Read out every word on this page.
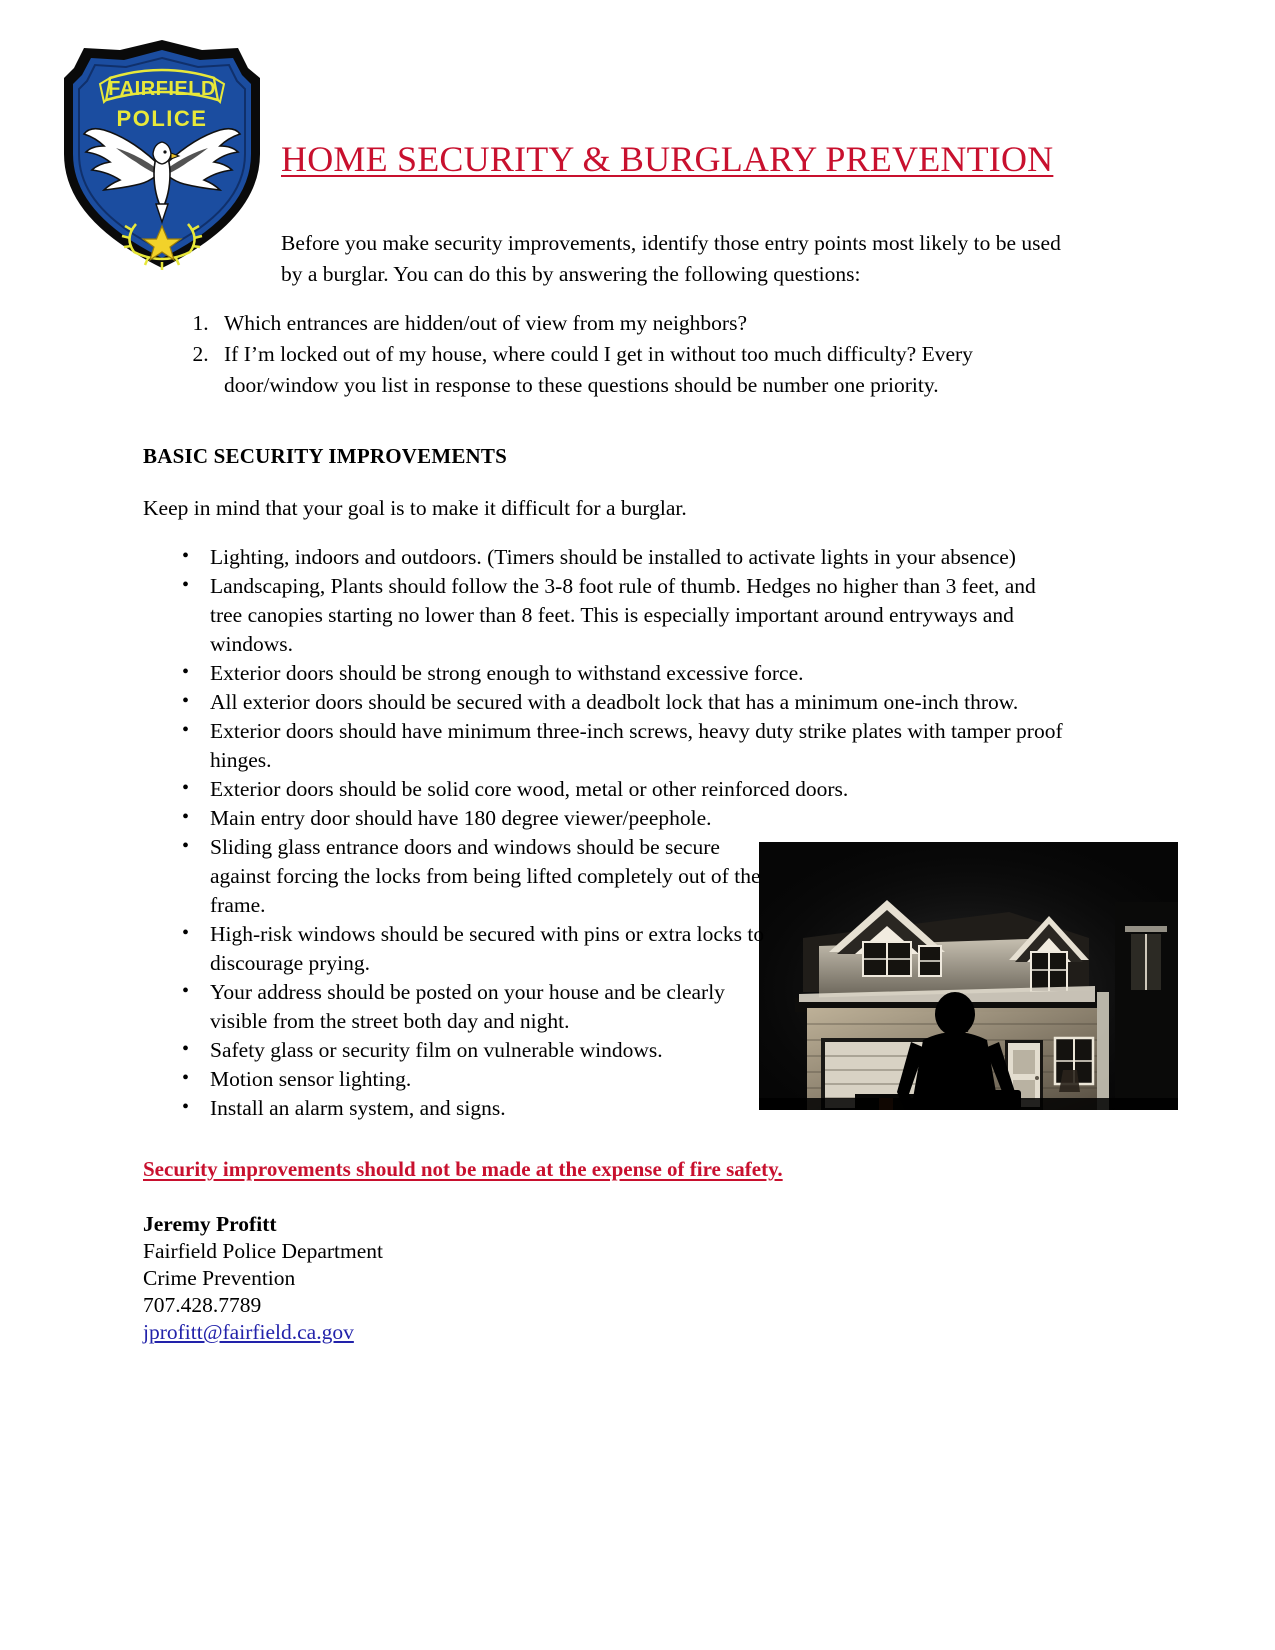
FAIRFIELD
POLICE
HOME SECURITY & BURGLARY PREVENTION
Before you make security improvements, identify those entry points most likely to be used by a burglar. You can do this by answering the following questions:
1. Which entrances are hidden/out of view from my neighbors?
2. If I’m locked out of my house, where could I get in without too much difficulty? Every door/window you list in response to these questions should be number one priority.
BASIC SECURITY IMPROVEMENTS
Keep in mind that your goal is to make it difficult for a burglar.
• Lighting, indoors and outdoors. (Timers should be installed to activate lights in your absence)
• Landscaping, Plants should follow the 3-8 foot rule of thumb. Hedges no higher than 3 feet, and tree canopies starting no lower than 8 feet. This is especially important around entryways and windows.
• Exterior doors should be strong enough to withstand excessive force.
• All exterior doors should be secured with a deadbolt lock that has a minimum one-inch throw.
• Exterior doors should have minimum three-inch screws, heavy duty strike plates with tamper proof hinges.
• Exterior doors should be solid core wood, metal or other reinforced doors.
• Main entry door should have 180 degree viewer/peephole.
• Sliding glass entrance doors and windows should be secure against forcing the locks from being lifted completely out of the frame.
• High-risk windows should be secured with pins or extra locks to discourage prying.
• Your address should be posted on your house and be clearly visible from the street both day and night.
• Safety glass or security film on vulnerable windows.
• Motion sensor lighting.
• Install an alarm system, and signs.
Security improvements should not be made at the expense of fire safety.
Jeremy Profitt
Fairfield Police Department
Crime Prevention
707.428.7789
jprofitt@fairfield.ca.gov
